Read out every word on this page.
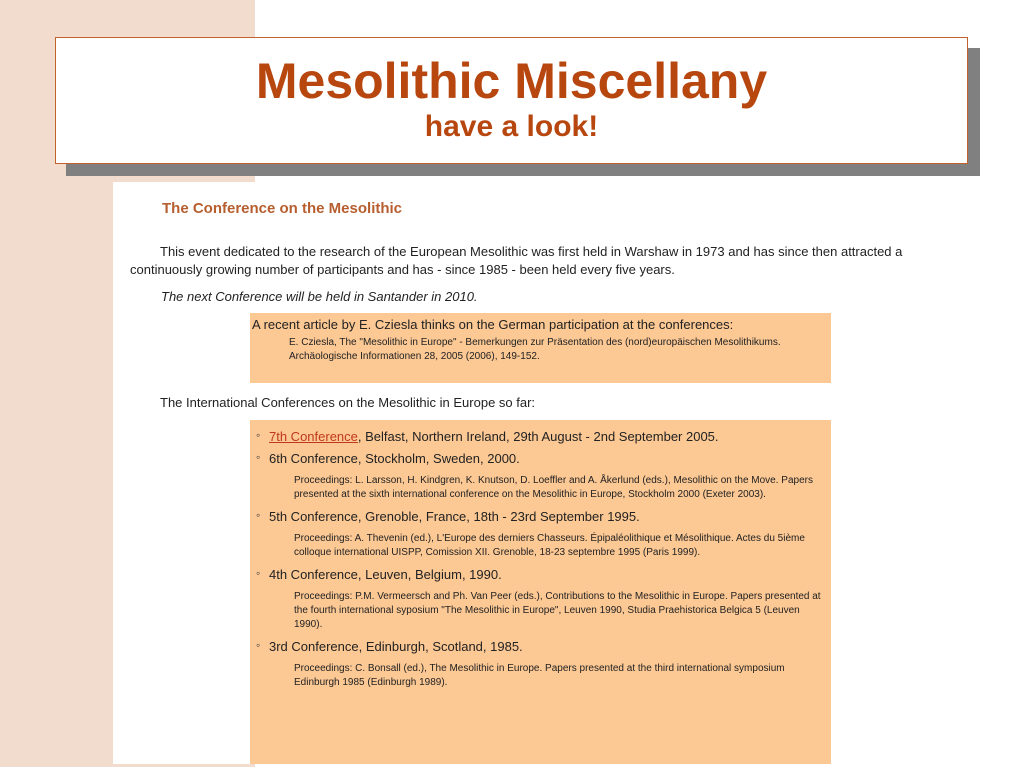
Mesolithic Miscellany
have a look!
The Conference on the Mesolithic
This event dedicated to the research of the European Mesolithic was first held in Warshaw in 1973 and has since then attracted a continuously growing number of participants and has - since 1985 - been held every five years.
The next Conference will be held in Santander in 2010.
A recent article by E. Cziesla thinks on the German participation at the conferences:
E. Cziesla, The "Mesolithic in Europe" - Bemerkungen zur Präsentation des (nord)europäischen Mesolithikums. Archäologische Informationen 28, 2005 (2006), 149-152.
The International Conferences on the Mesolithic in Europe so far:
◦ 7th Conference, Belfast, Northern Ireland, 29th August - 2nd September 2005.
◦ 6th Conference, Stockholm, Sweden, 2000.
Proceedings: L. Larsson, H. Kindgren, K. Knutson, D. Loeffler and A. Åkerlund (eds.), Mesolithic on the Move. Papers presented at the sixth international conference on the Mesolithic in Europe, Stockholm 2000 (Exeter 2003).
◦ 5th Conference, Grenoble, France, 18th - 23rd September 1995.
Proceedings: A. Thevenin (ed.), L'Europe des derniers Chasseurs. Épipaléolithique et Mésolithique. Actes du 5ième colloque international UISPP, Comission XII. Grenoble, 18-23 septembre 1995 (Paris 1999).
◦ 4th Conference, Leuven, Belgium, 1990.
Proceedings: P.M. Vermeersch and Ph. Van Peer (eds.), Contributions to the Mesolithic in Europe. Papers presented at the fourth international syposium "The Mesolithic in Europe", Leuven 1990, Studia Praehistorica Belgica 5 (Leuven 1990).
◦ 3rd Conference, Edinburgh, Scotland, 1985.
Proceedings: C. Bonsall (ed.), The Mesolithic in Europe. Papers presented at the third international symposium Edinburgh 1985 (Edinburgh 1989).
